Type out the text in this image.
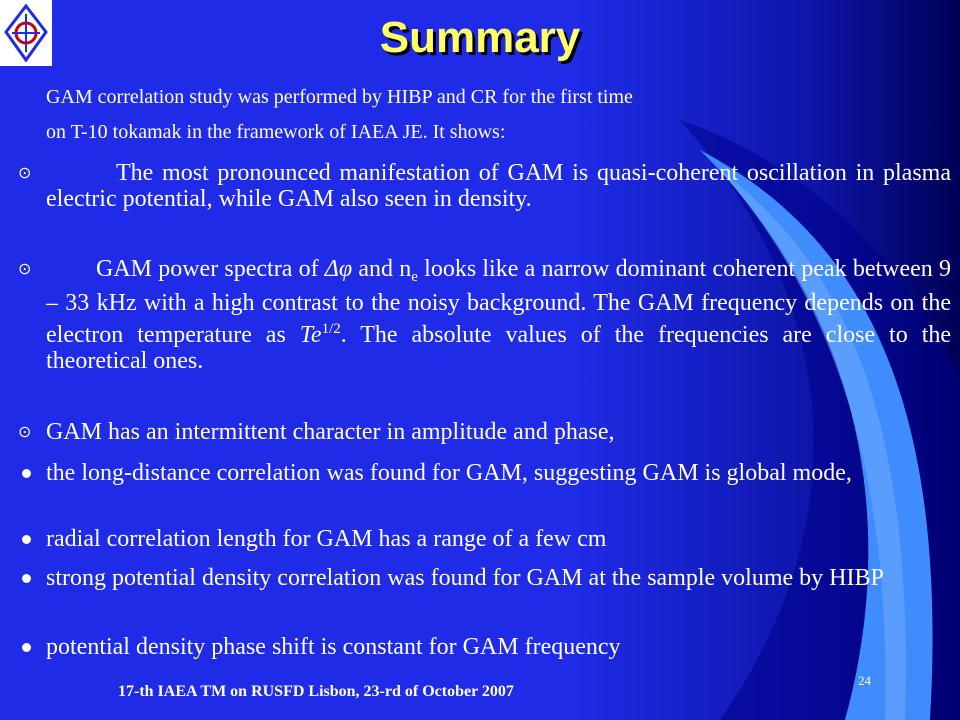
Summary
GAM correlation study was performed by HIBP and CR for the first time
on T-10 tokamak in the framework of IAEA JE. It shows:
⊙	The most pronounced manifestation of GAM is quasi-coherent oscillation in plasma electric potential, while GAM also seen in density.
⊙	GAM power spectra of Δφ and $n_e$ looks like a narrow dominant coherent peak between 9 – 33 kHz with a high contrast to the noisy background. The GAM frequency depends on the electron temperature as $Te^{1/2}$. The absolute values of the frequencies are close to the theoretical ones.
⊙ GAM has an intermittent character in amplitude and phase,
the long-distance correlation was found for GAM, suggesting GAM is global mode,
radial correlation length for GAM has a range of a few cm
strong potential density correlation was found for GAM at the sample volume by HIBP
potential density phase shift is constant for GAM frequency
17-th IAEA TM on RUSFD Lisbon, 23-rd of October 2007
24
